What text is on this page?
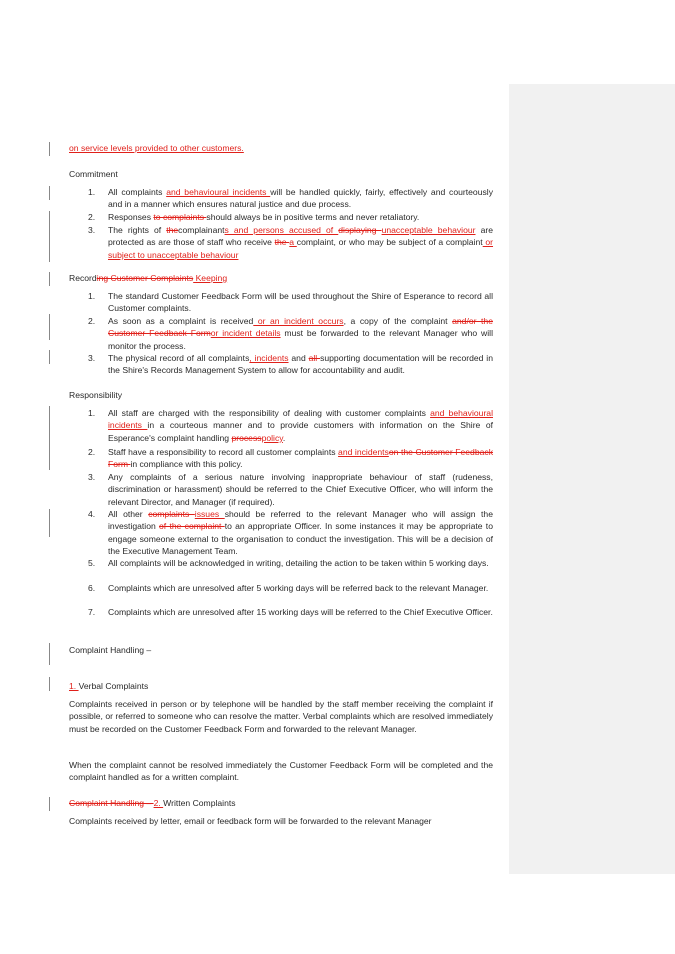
on service levels provided to other customers.
Commitment
1. All complaints and behavioural incidents will be handled quickly, fairly, effectively and courteously and in a manner which ensures natural justice and due process.
2. Responses to complaints should always be in positive terms and never retaliatory.
3. The rights of thecomplainants and persons accused of displaying unacceptable behaviour are protected as are those of staff who receive the a complaint, or who may be subject of a complaint or subject to unacceptable behaviour
Recording Customer Complaints Keeping
1. The standard Customer Feedback Form will be used throughout the Shire of Esperance to record all Customer complaints.
2. As soon as a complaint is received or an incident occurs, a copy of the complaint and/or the Customer Feedback Formor incident details must be forwarded to the relevant Manager who will monitor the process.
3. The physical record of all complaints, incidents and all supporting documentation will be recorded in the Shire's Records Management System to allow for accountability and audit.
Responsibility
1. All staff are charged with the responsibility of dealing with customer complaints and behavioural incidents in a courteous manner and to provide customers with information on the Shire of Esperance's complaint handling processpolicy.
2. Staff have a responsibility to record all customer complaints and incidentson the Customer Feedback Form in compliance with this policy.
3. Any complaints of a serious nature involving inappropriate behaviour of staff (rudeness, discrimination or harassment) should be referred to the Chief Executive Officer, who will inform the relevant Director, and Manager (if required).
4. All other complaints issues should be referred to the relevant Manager who will assign the investigation of the complaint to an appropriate Officer. In some instances it may be appropriate to engage someone external to the organisation to conduct the investigation. This will be a decision of the Executive Management Team.
5. All complaints will be acknowledged in writing, detailing the action to be taken within 5 working days.
6. Complaints which are unresolved after 5 working days will be referred back to the relevant Manager.
7. Complaints which are unresolved after 15 working days will be referred to the Chief Executive Officer.
Complaint Handling –
1. Verbal Complaints
Complaints received in person or by telephone will be handled by the staff member receiving the complaint if possible, or referred to someone who can resolve the matter. Verbal complaints which are resolved immediately must be recorded on the Customer Feedback Form and forwarded to the relevant Manager.
When the complaint cannot be resolved immediately the Customer Feedback Form will be completed and the complaint handled as for a written complaint.
Complaint Handling – 2. Written Complaints
Complaints received by letter, email or feedback form will be forwarded to the relevant Manager
